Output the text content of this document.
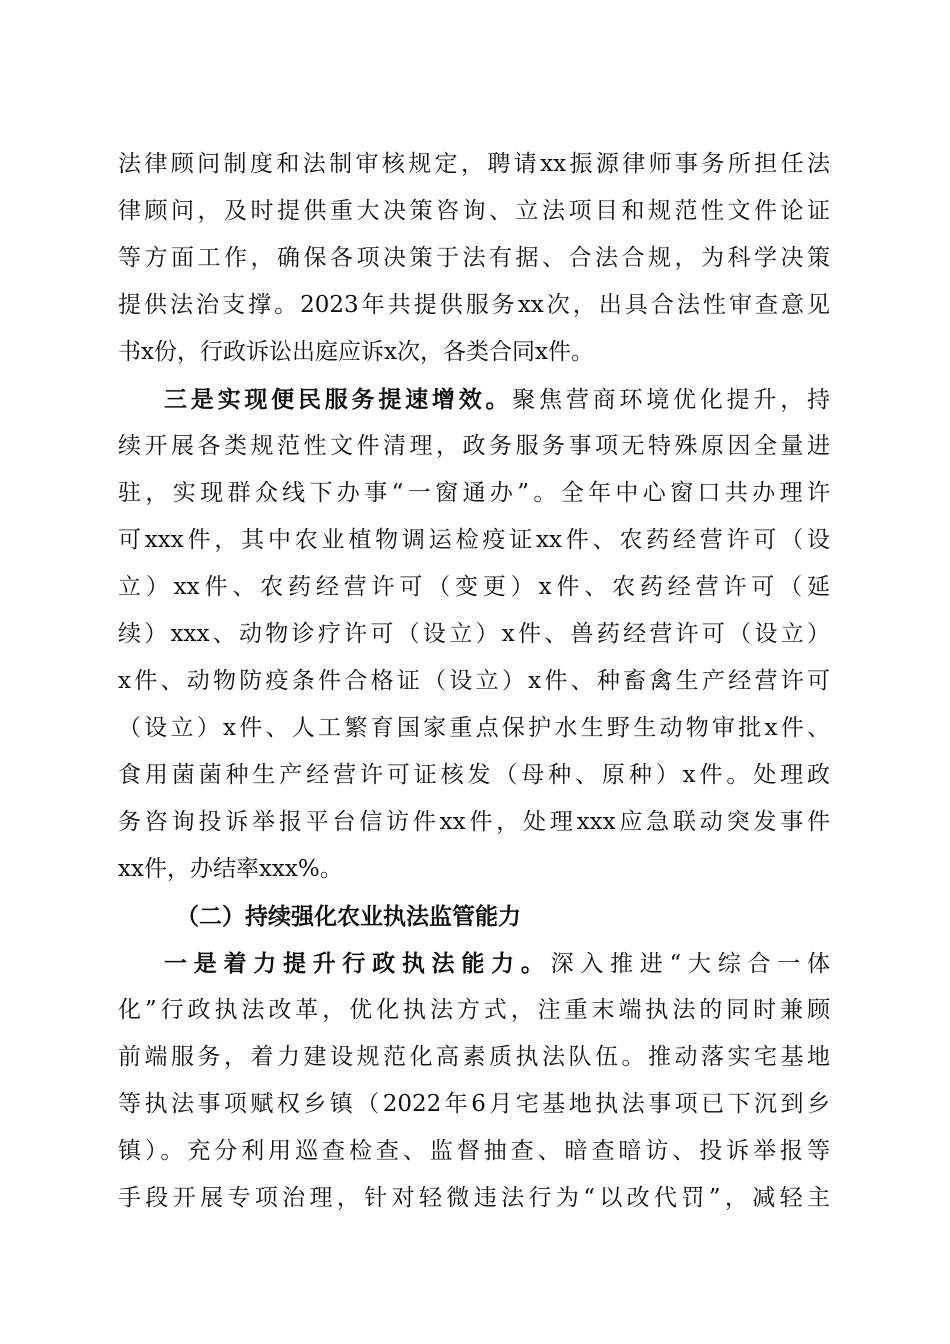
法律顾问制度和法制审核规定，聘请xx振源律师事务所担任法
律顾问，及时提供重大决策咨询、立法项目和规范性文件论证
等方面工作，确保各项决策于法有据、合法合规，为科学决策
提供法治支撑。2023年共提供服务xx次，出具合法性审查意见
书x份，行政诉讼出庭应诉x次，各类合同x件。
三是实现便民服务提速增效。聚焦营商环境优化提升，持
续开展各类规范性文件清理，政务服务事项无特殊原因全量进
驻，实现群众线下办事“一窗通办”。全年中心窗口共办理许
可xxx件，其中农业植物调运检疫证xx件、农药经营许可（设
立）xx件、农药经营许可（变更）x件、农药经营许可（延
续）xxx、动物诊疗许可（设立）x件、兽药经营许可（设立）
x件、动物防疫条件合格证（设立）x件、种畜禽生产经营许可
（设立）x件、人工繁育国家重点保护水生野生动物审批x件、
食用菌菌种生产经营许可证核发（母种、原种）x件。处理政
务咨询投诉举报平台信访件xx件，处理xxx应急联动突发事件
xx件，办结率xxx%。
（二）持续强化农业执法监管能力
一是着力提升行政执法能力。深入推进“大综合一体
化”行政执法改革，优化执法方式，注重末端执法的同时兼顾
前端服务，着力建设规范化高素质执法队伍。推动落实宅基地
等执法事项赋权乡镇（2022年6月宅基地执法事项已下沉到乡
镇）。充分利用巡查检查、监督抽查、暗查暗访、投诉举报等
手段开展专项治理，针对轻微违法行为“以改代罚”，减轻主
